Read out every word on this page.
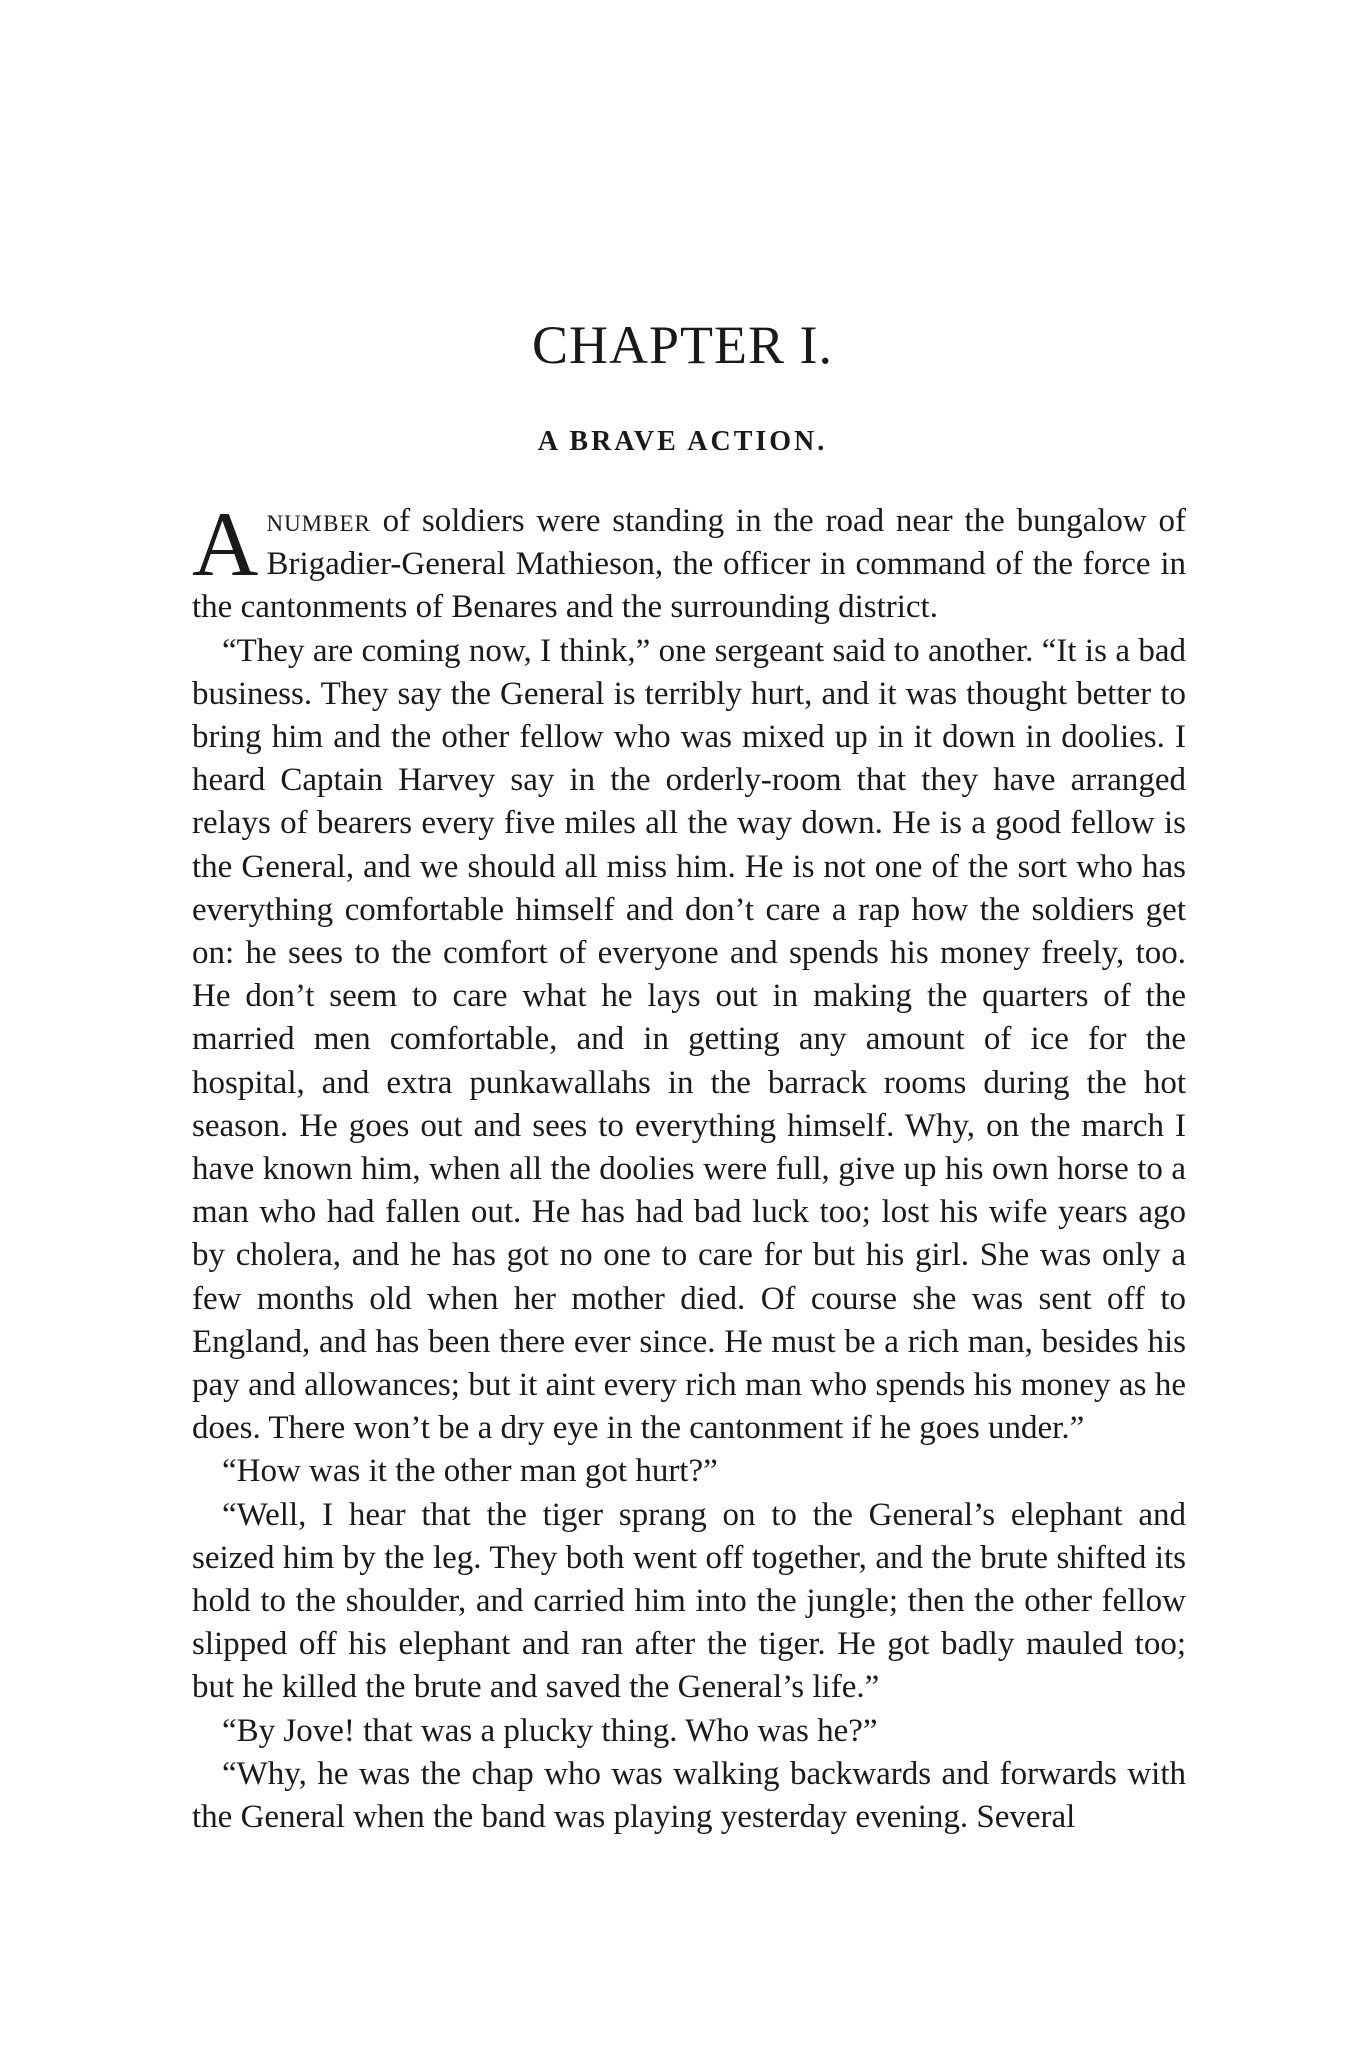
CHAPTER I.
A BRAVE ACTION.

Anumber of soldiers were standing in the road near the bungalow of Brigadier-General Mathieson, the officer in command of the force in the cantonments of Benares and the surrounding district.

“They are coming now, I think,” one sergeant said to another. “It is a bad business. They say the General is terribly hurt, and it was thought better to bring him and the other fellow who was mixed up in it down in doolies. I heard Captain Harvey say in the orderly-room that they have arranged relays of bearers every five miles all the way down. He is a good fellow is the General, and we should all miss him. He is not one of the sort who has everything comfortable himself and don’t care a rap how the soldiers get on: he sees to the comfort of everyone and spends his money freely, too. He don’t seem to care what he lays out in making the quarters of the married men comfortable, and in getting any amount of ice for the hospital, and extra punkawallahs in the barrack rooms during the hot season. He goes out and sees to everything himself. Why, on the march I have known him, when all the doolies were full, give up his own horse to a man who had fallen out. He has had bad luck too; lost his wife years ago by cholera, and he has got no one to care for but his girl. She was only a few months old when her mother died. Of course she was sent off to England, and has been there ever since. He must be a rich man, besides his pay and allowances; but it aint every rich man who spends his money as he does. There won’t be a dry eye in the cantonment if he goes under.”

“How was it the other man got hurt?”

“Well, I hear that the tiger sprang on to the General’s elephant and seized him by the leg. They both went off together, and the brute shifted its hold to the shoulder, and carried him into the jungle; then the other fellow slipped off his elephant and ran after the tiger. He got badly mauled too; but he killed the brute and saved the General’s life.”

“By Jove! that was a plucky thing. Who was he?”

“Why, he was the chap who was walking backwards and forwards with the General when the band was playing yesterday evening. Several
